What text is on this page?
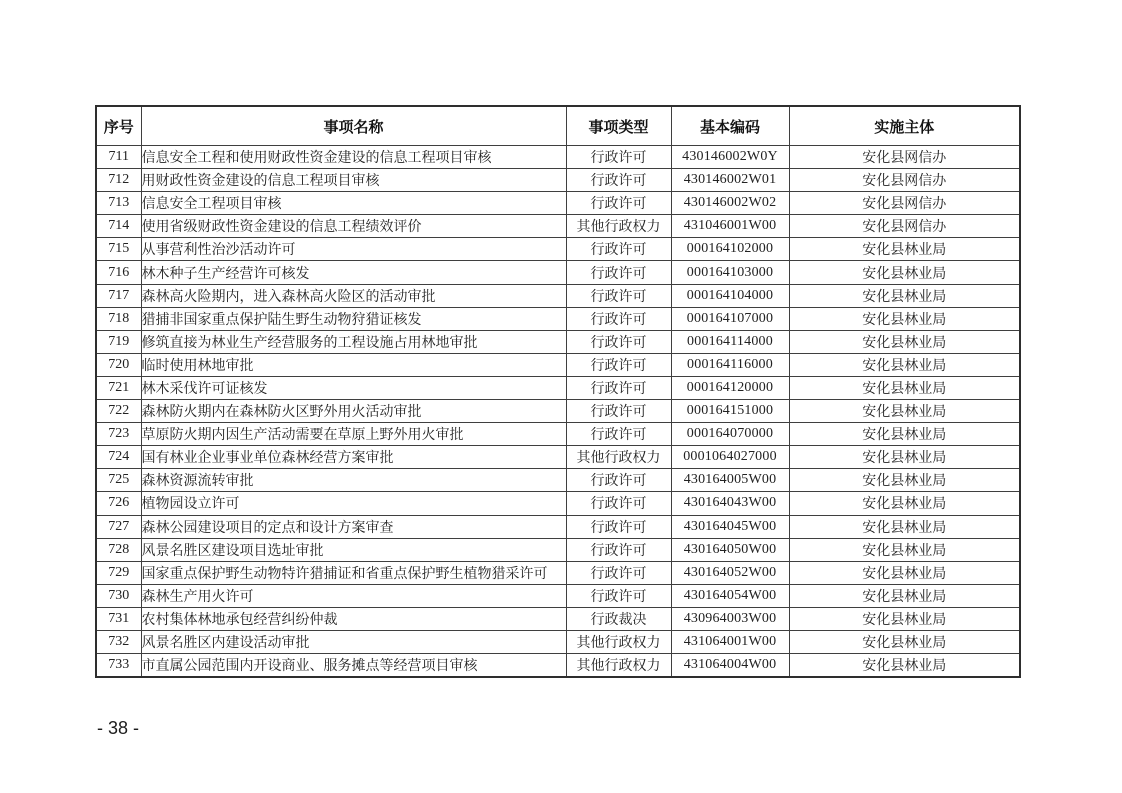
序号	事项名称	事项类型	基本编码	实施主体
711	信息安全工程和使用财政性资金建设的信息工程项目审核	行政许可	430146002W0Y	安化县网信办
712	用财政性资金建设的信息工程项目审核	行政许可	430146002W01	安化县网信办
713	信息安全工程项目审核	行政许可	430146002W02	安化县网信办
714	使用省级财政性资金建设的信息工程绩效评价	其他行政权力	431046001W00	安化县网信办
715	从事营利性治沙活动许可	行政许可	000164102000	安化县林业局
716	林木种子生产经营许可核发	行政许可	000164103000	安化县林业局
717	森林高火险期内，进入森林高火险区的活动审批	行政许可	000164104000	安化县林业局
718	猎捕非国家重点保护陆生野生动物狩猎证核发	行政许可	000164107000	安化县林业局
719	修筑直接为林业生产经营服务的工程设施占用林地审批	行政许可	000164114000	安化县林业局
720	临时使用林地审批	行政许可	000164116000	安化县林业局
721	林木采伐许可证核发	行政许可	000164120000	安化县林业局
722	森林防火期内在森林防火区野外用火活动审批	行政许可	000164151000	安化县林业局
723	草原防火期内因生产活动需要在草原上野外用火审批	行政许可	000164070000	安化县林业局
724	国有林业企业事业单位森林经营方案审批	其他行政权力	0001064027000	安化县林业局
725	森林资源流转审批	行政许可	430164005W00	安化县林业局
726	植物园设立许可	行政许可	430164043W00	安化县林业局
727	森林公园建设项目的定点和设计方案审查	行政许可	430164045W00	安化县林业局
728	风景名胜区建设项目选址审批	行政许可	430164050W00	安化县林业局
729	国家重点保护野生动物特许猎捕证和省重点保护野生植物猎采许可	行政许可	430164052W00	安化县林业局
730	森林生产用火许可	行政许可	430164054W00	安化县林业局
731	农村集体林地承包经营纠纷仲裁	行政裁决	430964003W00	安化县林业局
732	风景名胜区内建设活动审批	其他行政权力	431064001W00	安化县林业局
733	市直属公园范围内开设商业、服务摊点等经营项目审核	其他行政权力	431064004W00	安化县林业局
- 38 -
